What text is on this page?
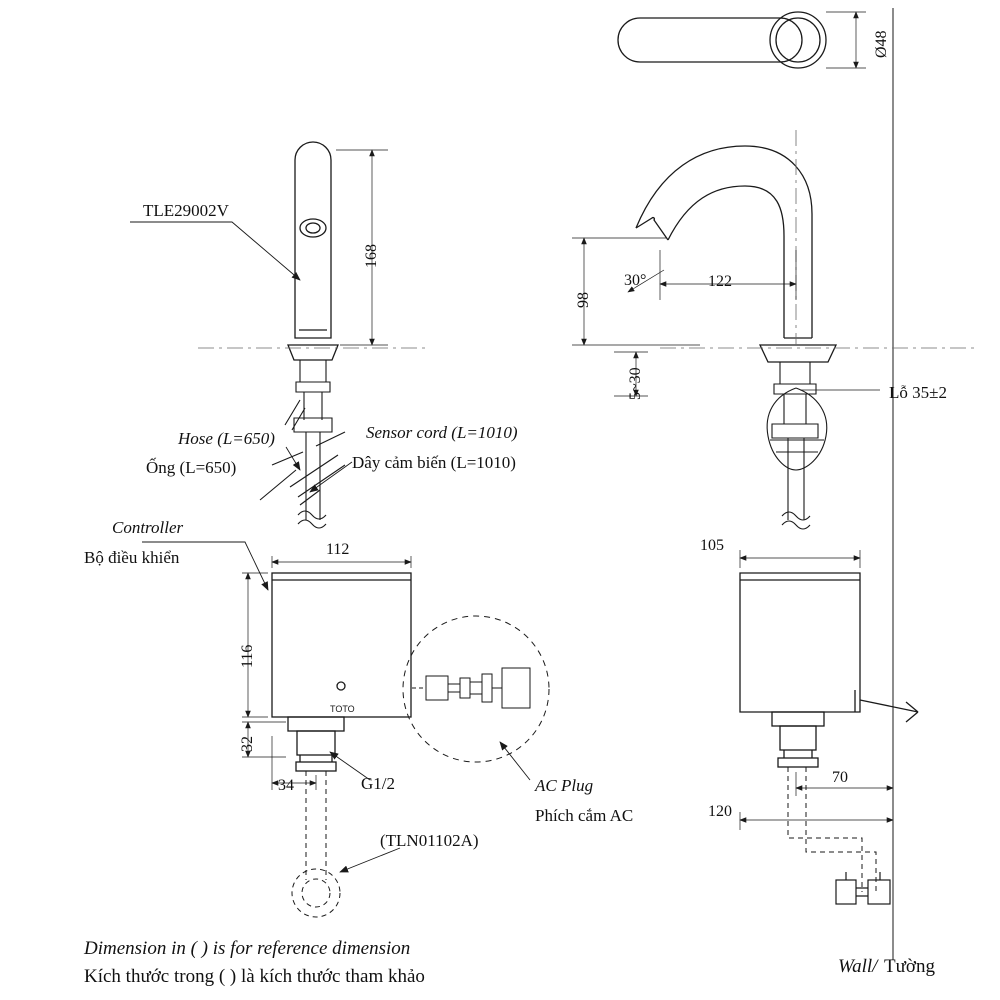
TOTO
TLE29002V
Hose (L=650)
Ống (L=650)
Sensor cord (L=1010)
Dây cảm biến (L=1010)
Controller
Bộ điều khiển
AC Plug
Phích cắm AC
G1/2
(TLN01102A)
Lỗ 35±2
Ø48
168
98
122
30°
5~30
112	105
116
32
34	70
120
Wall/ Tường
Dimension in ( ) is for reference dimension
Kích thước trong ( ) là kích thước tham khảo
